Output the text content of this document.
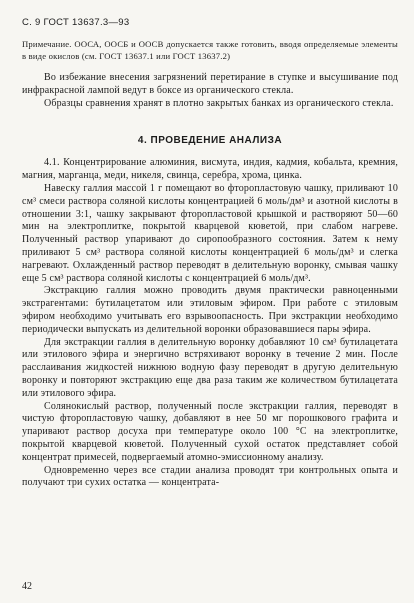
С. 9 ГОСТ 13637.3—93

Примечание. ООСА, ООСБ и ООСВ допускается также готовить, вводя определяемые элементы в виде окислов (см. ГОСТ 13637.1 или ГОСТ 13637.2)

Во избежание внесения загрязнений перетирание в ступке и высушивание под инфракрасной лампой ведут в боксе из органического стекла.

Образцы сравнения хранят в плотно закрытых банках из органического стекла.

4. ПРОВЕДЕНИЕ АНАЛИЗА

4.1. Концентрирование алюминия, висмута, индия, кадмия, кобальта, кремния, магния, марганца, меди, никеля, свинца, серебра, хрома, цинка.

Навеску галлия массой 1 г помещают во фторопластовую чашку, приливают 10 см³ смеси раствора соляной кислоты концентрацией 6 моль/дм³ и азотной кислоты в отношении 3:1, чашку закрывают фторопластовой крышкой и растворяют 50—60 мин на электроплитке, покрытой кварцевой кюветой, при слабом нагреве. Полученный раствор упаривают до сиропообразного состояния. Затем к нему приливают 5 см³ раствора соляной кислоты концентрацией 6 моль/дм³ и слегка нагревают. Охлажденный раствор переводят в делительную воронку, смывая чашку еще 5 см³ раствора соляной кислоты с концентрацией 6 моль/дм³.

Экстракцию галлия можно проводить двумя практически равноценными экстрагентами: бутилацетатом или этиловым эфиром. При работе с этиловым эфиром необходимо учитывать его взрывоопасность. При экстракции необходимо периодически выпускать из делительной воронки образовавшиеся пары эфира.

Для экстракции галлия в делительную воронку добавляют 10 см³ бутилацетата или этилового эфира и энергично встряхивают воронку в течение 2 мин. После расслаивания жидкостей нижнюю водную фазу переводят в другую делительную воронку и повторяют экстракцию еще два раза таким же количеством бутилацетата или этилового эфира.

Солянокислый раствор, полученный после экстракции галлия, переводят в чистую фторопластовую чашку, добавляют в нее 50 мг порошкового графита и упаривают раствор досуха при температуре около 100 °С на электроплитке, покрытой кварцевой кюветой. Полученный сухой остаток представляет собой концентрат примесей, подвергаемый атомно-эмиссионному анализу.

Одновременно через все стадии анализа проводят три контрольных опыта и получают три сухих остатка — концентрата-

42
